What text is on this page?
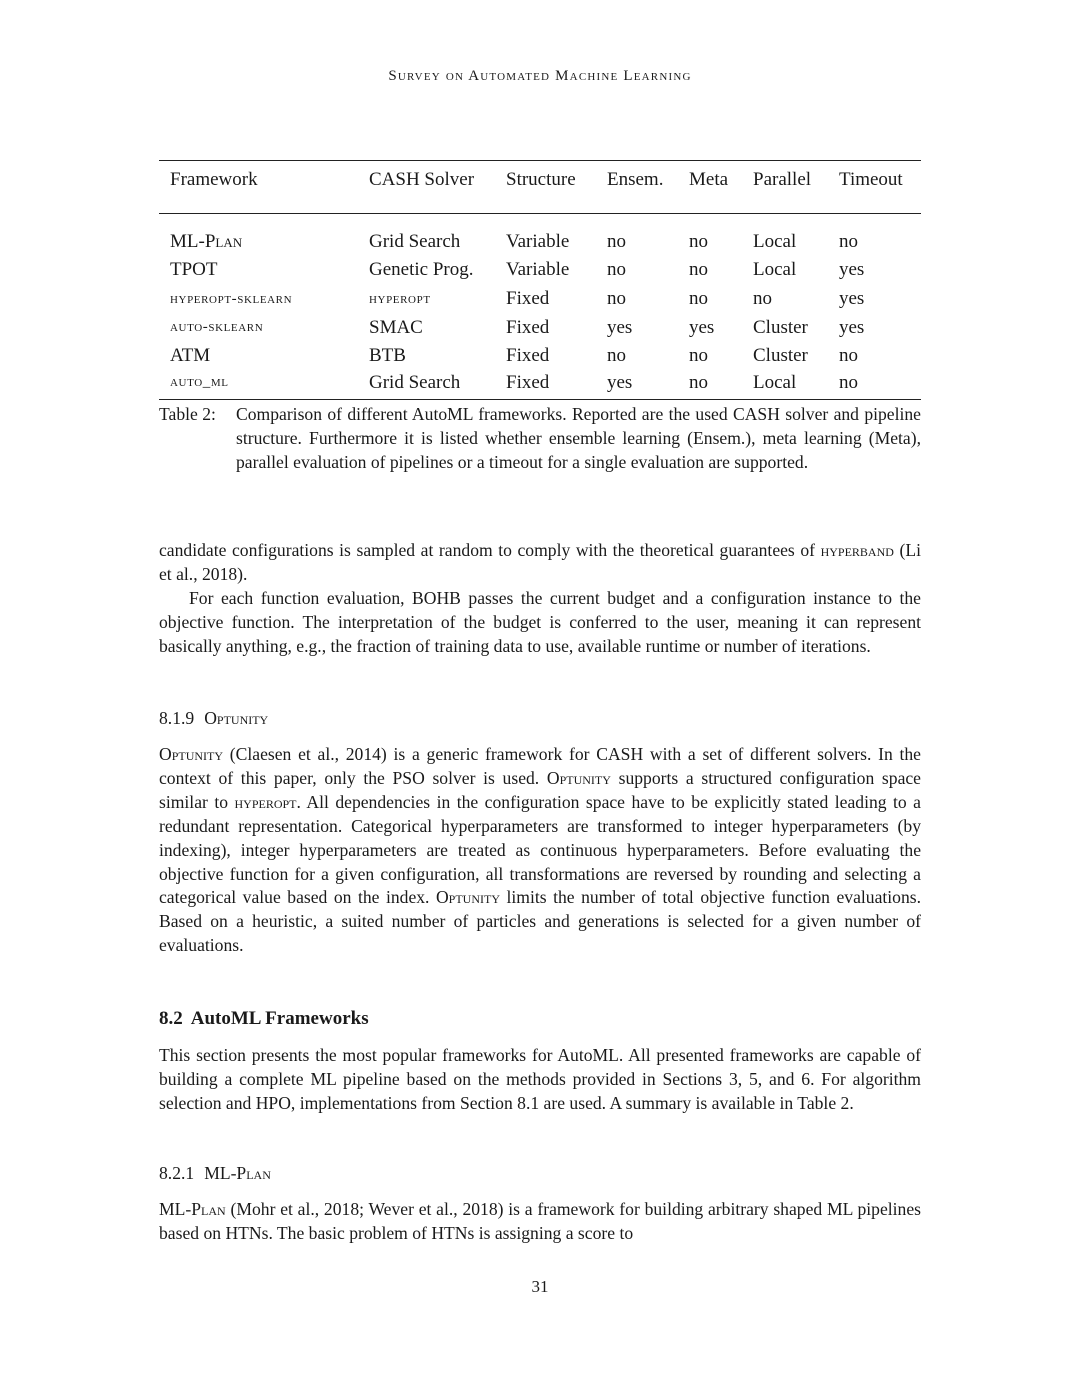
Survey on Automated Machine Learning
Framework	CASH Solver	Structure	Ensem.	Meta	Parallel	Timeout

ML-Plan	Grid Search	Variable	no	no	Local	no
TPOT	Genetic Prog.	Variable	no	no	Local	yes
hyperopt-sklearn	hyperopt	Fixed	no	no	no	yes
auto-sklearn	SMAC	Fixed	yes	yes	Cluster	yes
ATM	BTB	Fixed	no	no	Cluster	no
auto_ml	Grid Search	Fixed	yes	no	Local	no
Table 2: Comparison of different AutoML frameworks. Reported are the used CASH solver and pipeline structure. Furthermore it is listed whether ensemble learning (Ensem.), meta learning (Meta), parallel evaluation of pipelines or a timeout for a single evaluation are supported.

candidate configurations is sampled at random to comply with the theoretical guarantees of hyperband (Li et al., 2018).

For each function evaluation, BOHB passes the current budget and a configuration instance to the objective function. The interpretation of the budget is conferred to the user, meaning it can represent basically anything, e.g., the fraction of training data to use, available runtime or number of iterations.

8.1.9 Optunity

Optunity (Claesen et al., 2014) is a generic framework for CASH with a set of different solvers. In the context of this paper, only the PSO solver is used. Optunity supports a structured configuration space similar to hyperopt. All dependencies in the configuration space have to be explicitly stated leading to a redundant representation. Categorical hyperparameters are transformed to integer hyperparameters (by indexing), integer hyperparameters are treated as continuous hyperparameters. Before evaluating the objective function for a given configuration, all transformations are reversed by rounding and selecting a categorical value based on the index. Optunity limits the number of total objective function evaluations. Based on a heuristic, a suited number of particles and generations is selected for a given number of evaluations.

8.2 AutoML Frameworks

This section presents the most popular frameworks for AutoML. All presented frameworks are capable of building a complete ML pipeline based on the methods provided in Sections 3, 5, and 6. For algorithm selection and HPO, implementations from Section 8.1 are used. A summary is available in Table 2.

8.2.1 ML-Plan

ML-Plan (Mohr et al., 2018; Wever et al., 2018) is a framework for building arbitrary shaped ML pipelines based on HTNs. The basic problem of HTNs is assigning a score to

31
